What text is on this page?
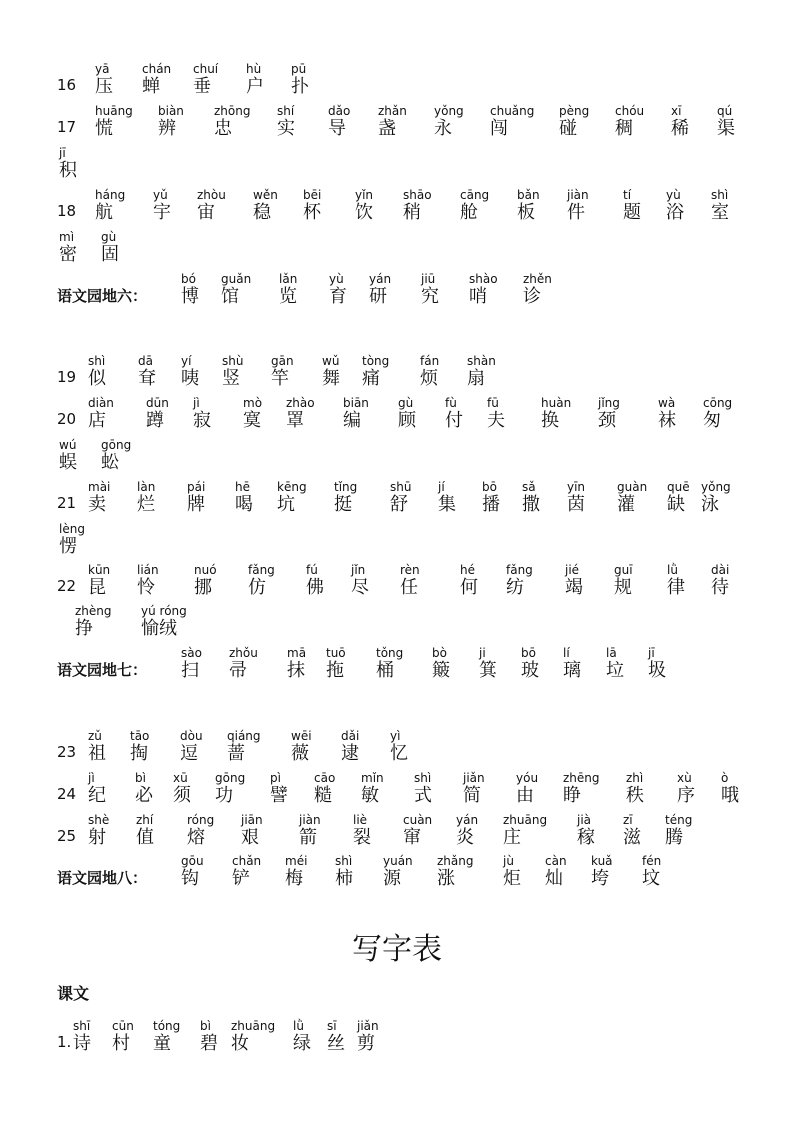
16
yā
压
chán
蝉
chuí
垂
hù
户
pū
扑
17
huāng
慌
biàn
辨
zhōng
忠
shí
实
dǎo
导
zhǎn
盏
yǒng
永
chuǎng
闯
pèng
碰
chóu
稠
xī
稀
qú
渠
jī
积
18
háng
航
yǔ
宇
zhòu
宙
wěn
稳
bēi
杯
yǐn
饮
shāo
稍
cāng
舱
bǎn
板
jiàn
件
tí
题
yù
浴
shì
室
mì
密
gù
固
语文园地六：
bó
博
guǎn
馆
lǎn
览
yù
育
yán
研
jiū
究
shào
哨
zhěn
诊
19
shì
似
dā
耷
yí
咦
shù
竖
gān
竿
wǔ
舞
tòng
痛
fán
烦
shàn
扇
20
diàn
店
dūn
蹲
jì
寂
mò
寞
zhào
罩
biān
编
gù
顾
fù
付
fū
夫
huàn
换
jǐng
颈
wà
袜
cōng
匆
wú
蜈
gōng
蚣
21
mài
卖
làn
烂
pái
牌
hē
喝
kēng
坑
tǐng
挺
shū
舒
jí
集
bō
播
sǎ
撒
yīn
茵
guàn
灌
quē
缺
yǒng
泳
lèng
愣
22
kūn
昆
lián
怜
nuó
挪
fǎng
仿
fú
佛
jǐn
尽
rèn
任
hé
何
fǎng
纺
jié
竭
guī
规
lǜ
律
dài
待
zhèng
挣
yú róng
愉绒
语文园地七：
sào
扫
zhǒu
帚
mā
抹
tuō
拖
tǒng
桶
bò
簸
ji
箕
bō
玻
lí
璃
lā
垃
jī
圾
23
zǔ
祖
tāo
掏
dòu
逗
qiáng
蔷
wēi
薇
dǎi
逮
yì
忆
24
jì
纪
bì
必
xū
须
gōng
功
pì
譬
cāo
糙
mǐn
敏
shì
式
jiǎn
简
yóu
由
zhēng
睁
zhì
秩
xù
序
ò
哦
25
shè
射
zhí
值
róng
熔
jiān
艰
jiàn
箭
liè
裂
cuàn
窜
yán
炎
zhuāng
庄
jià
稼
zī
滋
téng
腾
语文园地八：
gōu
钩
chǎn
铲
méi
梅
shì
柿
yuán
源
zhǎng
涨
jù
炬
càn
灿
kuǎ
垮
fén
坟
写字表
课文
1.
shī
诗
cūn
村
tóng
童
bì
碧
zhuāng
妆
lǜ
绿
sī
丝
jiǎn
剪
